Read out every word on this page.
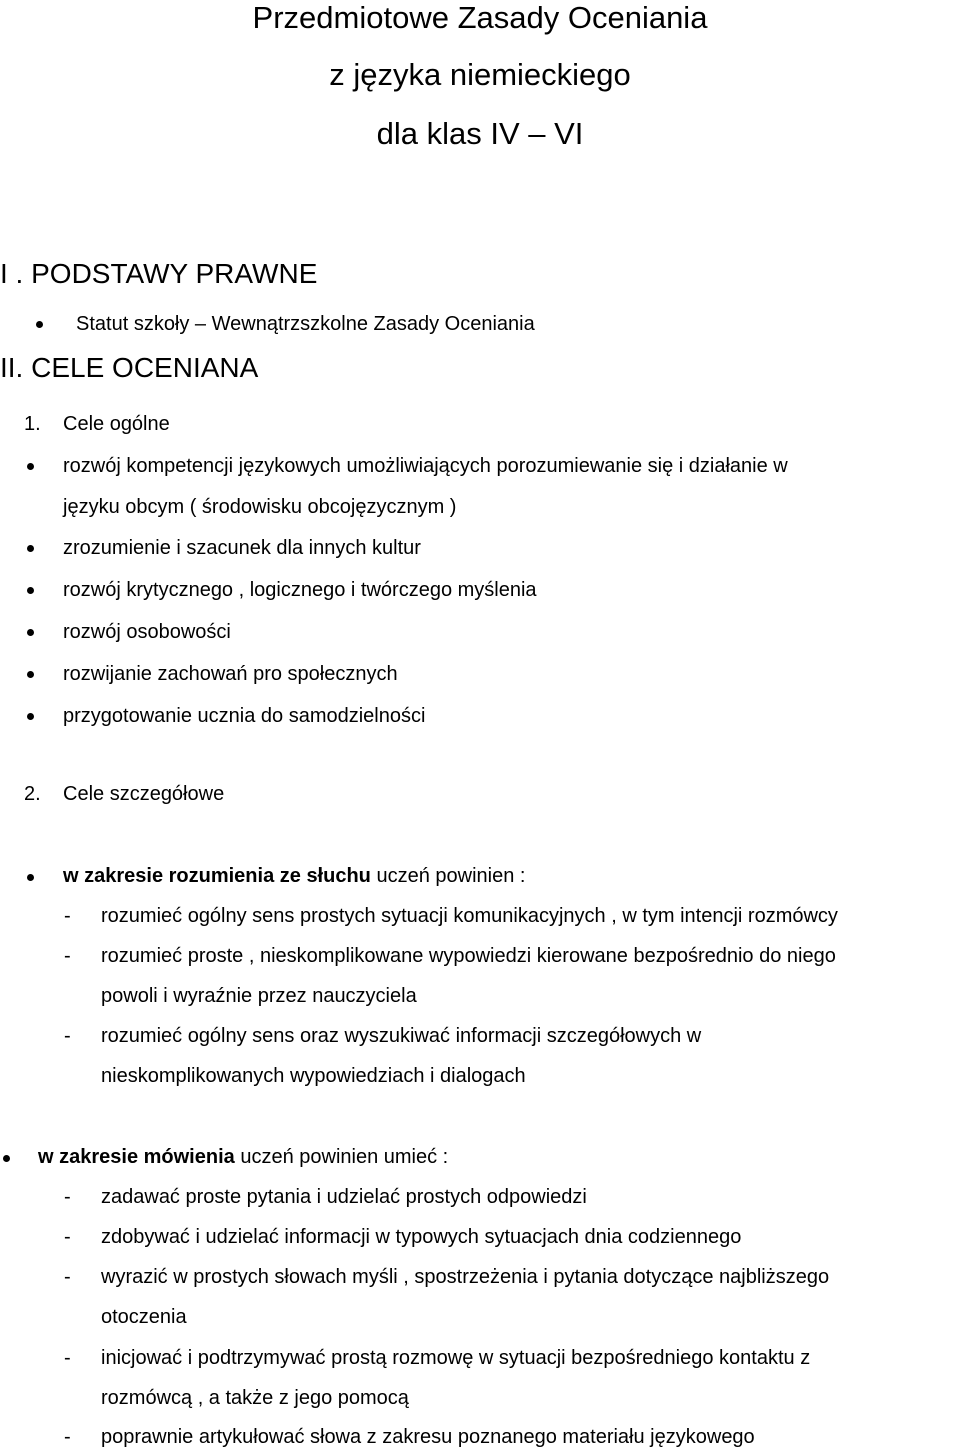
Przedmiotowe Zasady Oceniania
z języka niemieckiego
dla klas IV – VI
I . PODSTAWY PRAWNE
Statut szkoły – Wewnątrzszkolne Zasady Oceniania
II. CELE OCENIANA
1. Cele ogólne
rozwój kompetencji językowych umożliwiających porozumiewanie się i działanie w
języku obcym ( środowisku obcojęzycznym )
zrozumienie i szacunek dla innych kultur
rozwój krytycznego , logicznego i twórczego myślenia
rozwój osobowości
rozwijanie zachowań pro społecznych
przygotowanie ucznia do samodzielności
2. Cele szczegółowe
w zakresie rozumienia ze słuchu uczeń powinien :
- rozumieć ogólny sens prostych sytuacji komunikacyjnych , w tym intencji rozmówcy
- rozumieć proste , nieskomplikowane wypowiedzi kierowane bezpośrednio do niego
powoli i wyraźnie przez nauczyciela
- rozumieć ogólny sens oraz wyszukiwać informacji szczegółowych w
nieskomplikowanych wypowiedziach i dialogach
w zakresie mówienia uczeń powinien umieć :
- zadawać proste pytania i udzielać prostych odpowiedzi
- zdobywać i udzielać informacji w typowych sytuacjach dnia codziennego
- wyrazić w prostych słowach myśli , spostrzeżenia i pytania dotyczące najbliższego
otoczenia
- inicjować i podtrzymywać prostą rozmowę w sytuacji bezpośredniego kontaktu z
rozmówcą , a także z jego pomocą
- poprawnie artykułować słowa z zakresu poznanego materiału językowego
